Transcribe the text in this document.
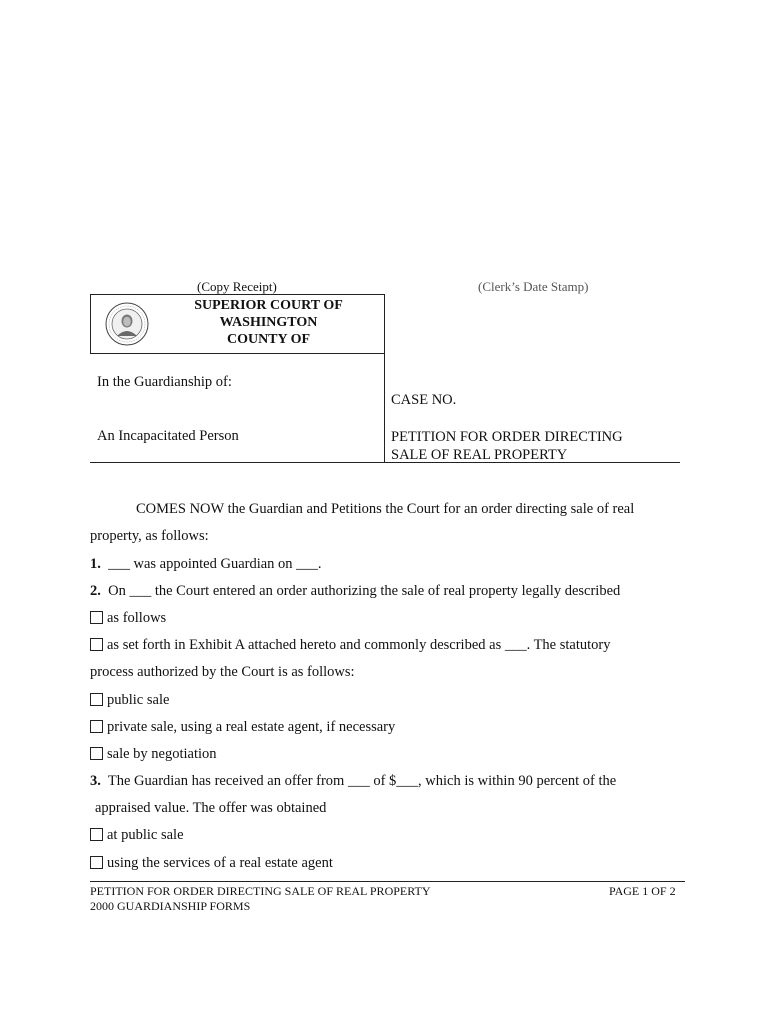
(Copy Receipt)	(Clerk’s Date Stamp)
SUPERIOR COURT OF
WASHINGTON
COUNTY OF
In the Guardianship of:
CASE NO.
An Incapacitated Person	PETITION FOR ORDER DIRECTING
SALE OF REAL PROPERTY
COMES NOW the Guardian and Petitions the Court for an order directing sale of real
property, as follows:
1. ___ was appointed Guardian on ___.
2. On ___ the Court entered an order authorizing the sale of real property legally described
as follows
as set forth in Exhibit A attached hereto and commonly described as ___. The statutory
process authorized by the Court is as follows:
public sale
private sale, using a real estate agent, if necessary
sale by negotiation
3. The Guardian has received an offer from ___ of $___, which is within 90 percent of the
appraised value. The offer was obtained
at public sale
using the services of a real estate agent
PETITION FOR ORDER DIRECTING SALE OF REAL PROPERTY
2000 GUARDIANSHIP FORMS
PAGE 1 OF 2
